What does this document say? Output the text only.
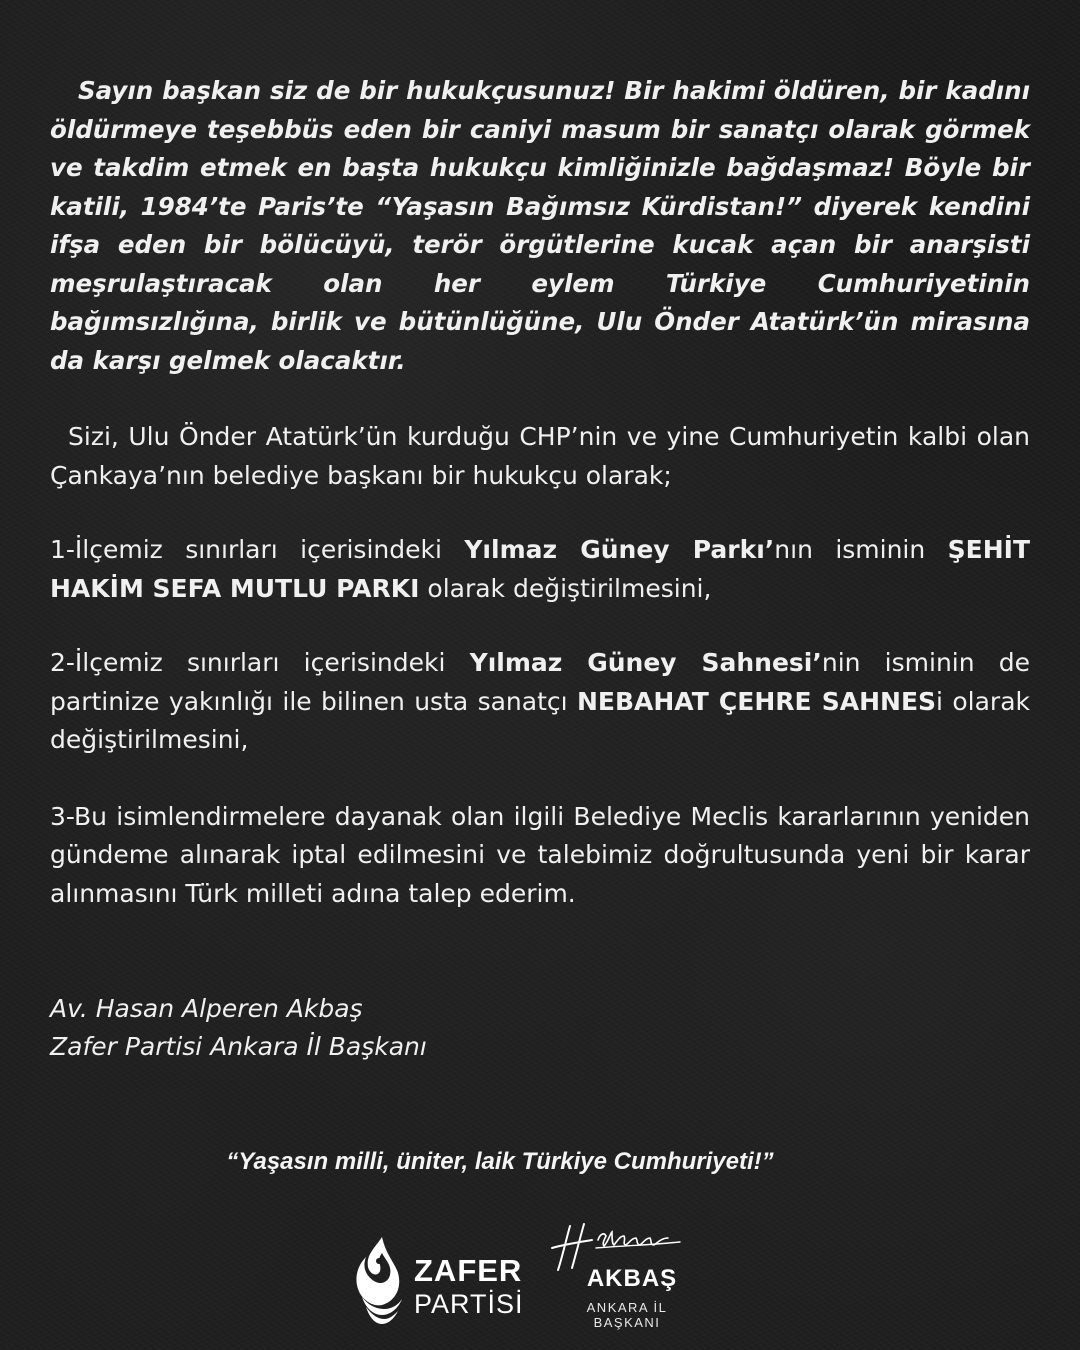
Sayın başkan siz de bir hukukçusunuz! Bir hakimi öldüren, bir kadını öldürmeye teşebbüs eden bir caniyi masum bir sanatçı olarak görmek ve takdim etmek en başta hukukçu kimliğinizle bağdaşmaz! Böyle bir katili, 1984’te Paris’te “Yaşasın Bağımsız Kürdistan!” diyerek kendini ifşa eden bir bölücüyü, terör örgütlerine kucak açan bir anarşisti meşrulaştıracak olan her eylem Türkiye Cumhuriyetinin bağımsızlığına, birlik ve bütünlüğüne, Ulu Önder Atatürk’ün mirasına da karşı gelmek olacaktır.

Sizi, Ulu Önder Atatürk’ün kurduğu CHP’nin ve yine Cumhuriyetin kalbi olan Çankaya’nın belediye başkanı bir hukukçu olarak;

1-İlçemiz sınırları içerisindeki Yılmaz Güney Parkı’nın isminin ŞEHİT HAKİM SEFA MUTLU PARKI olarak değiştirilmesini,

2-İlçemiz sınırları içerisindeki Yılmaz Güney Sahnesi’nin isminin de partinize yakınlığı ile bilinen usta sanatçı NEBAHAT ÇEHRE SAHNESi olarak değiştirilmesini,

3-Bu isimlendirmelere dayanak olan ilgili Belediye Meclis kararlarının yeniden gündeme alınarak iptal edilmesini ve talebimiz doğrultusunda yeni bir karar alınmasını Türk milleti adına talep ederim.

Av. Hasan Alperen Akbaş
Zafer Partisi Ankara İl Başkanı
“Yaşasın milli, üniter, laik Türkiye Cumhuriyeti!”
ZAFER
PARTİSİ
AKBAŞ
ANKARA İL BAŞKANI
